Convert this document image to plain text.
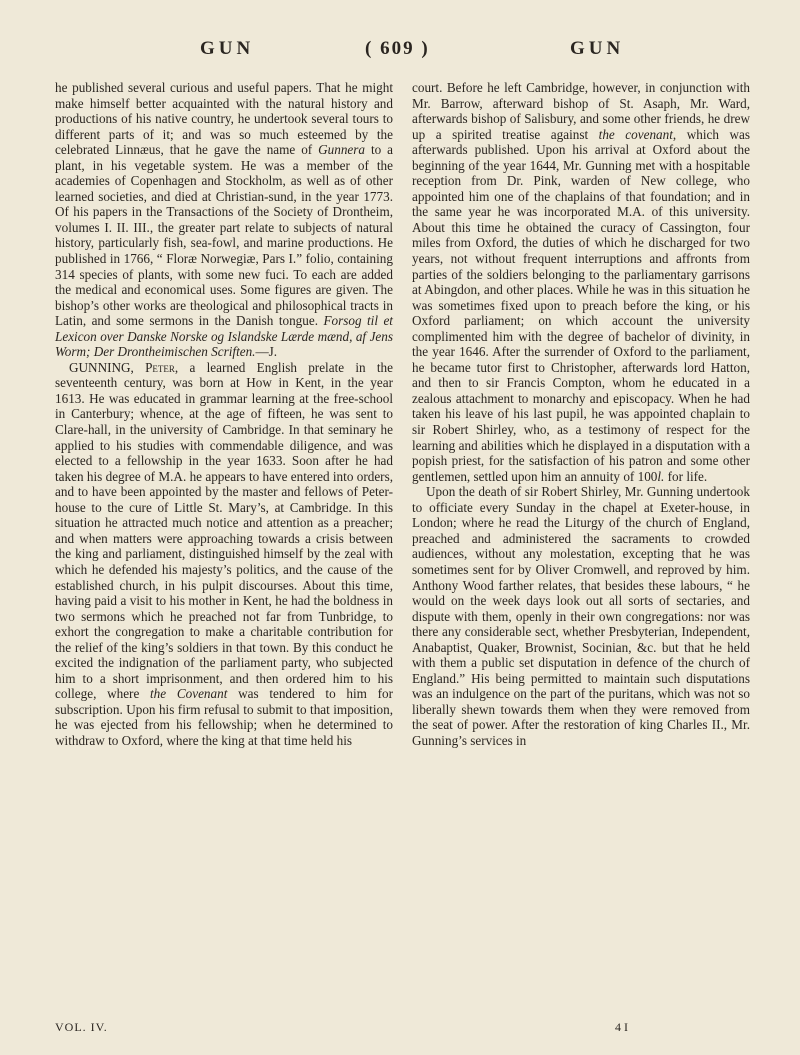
GUN	( 609 )	GUN

he published several curious and useful papers. That he might make himself better acquainted with the natural history and productions of his native country, he undertook several tours to different parts of it; and was so much esteemed by the celebrated Linnæus, that he gave the name of Gunnera to a plant, in his vegetable system. He was a member of the academies of Copenhagen and Stockholm, as well as of other learned societies, and died at Christian-sund, in the year 1773. Of his papers in the Transactions of the Society of Drontheim, volumes I. II. III., the greater part relate to subjects of natural history, particularly fish, sea-fowl, and marine productions. He published in 1766, “ Floræ Norwegiæ, Pars I.” folio, containing 314 species of plants, with some new fuci. To each are added the medical and economical uses. Some figures are given. The bishop’s other works are theological and philosophical tracts in Latin, and some sermons in the Danish tongue. Forsog til et Lexicon over Danske Norske og Islandske Lærde mænd, af Jens Worm; Der Drontheimischen Scriften.—J.

GUNNING, Peter, a learned English prelate in the seventeenth century, was born at How in Kent, in the year 1613. He was educated in grammar learning at the free-school in Canterbury; whence, at the age of fifteen, he was sent to Clare-hall, in the university of Cambridge. In that seminary he applied to his studies with commendable diligence, and was elected to a fellowship in the year 1633. Soon after he had taken his degree of M.A. he appears to have entered into orders, and to have been appointed by the master and fellows of Peter-house to the cure of Little St. Mary’s, at Cambridge. In this situation he attracted much notice and attention as a preacher; and when matters were approaching towards a crisis between the king and parliament, distinguished himself by the zeal with which he defended his majesty’s politics, and the cause of the established church, in his pulpit discourses. About this time, having paid a visit to his mother in Kent, he had the boldness in two sermons which he preached not far from Tunbridge, to exhort the congregation to make a charitable contribution for the relief of the king’s soldiers in that town. By this conduct he excited the indignation of the parliament party, who subjected him to a short imprisonment, and then ordered him to his college, where the Covenant was tendered to him for subscription. Upon his firm refusal to submit to that imposition, he was ejected from his fellowship; when he determined to withdraw to Oxford, where the king at that time held his

court. Before he left Cambridge, however, in conjunction with Mr. Barrow, afterward bishop of St. Asaph, Mr. Ward, afterwards bishop of Salisbury, and some other friends, he drew up a spirited treatise against the covenant, which was afterwards published. Upon his arrival at Oxford about the beginning of the year 1644, Mr. Gunning met with a hospitable reception from Dr. Pink, warden of New college, who appointed him one of the chaplains of that foundation; and in the same year he was incorporated M.A. of this university. About this time he obtained the curacy of Cassington, four miles from Oxford, the duties of which he discharged for two years, not without frequent interruptions and affronts from parties of the soldiers belonging to the parliamentary garrisons at Abingdon, and other places. While he was in this situation he was sometimes fixed upon to preach before the king, or his Oxford parliament; on which account the university complimented him with the degree of bachelor of divinity, in the year 1646. After the surrender of Oxford to the parliament, he became tutor first to Christopher, afterwards lord Hatton, and then to sir Francis Compton, whom he educated in a zealous attachment to monarchy and episcopacy. When he had taken his leave of his last pupil, he was appointed chaplain to sir Robert Shirley, who, as a testimony of respect for the learning and abilities which he displayed in a disputation with a popish priest, for the satisfaction of his patron and some other gentlemen, settled upon him an annuity of 100l. for life.

Upon the death of sir Robert Shirley, Mr. Gunning undertook to officiate every Sunday in the chapel at Exeter-house, in London; where he read the Liturgy of the church of England, preached and administered the sacraments to crowded audiences, without any molestation, excepting that he was sometimes sent for by Oliver Cromwell, and reproved by him. Anthony Wood farther relates, that besides these labours, “ he would on the week days look out all sorts of sectaries, and dispute with them, openly in their own congregations: nor was there any considerable sect, whether Presbyterian, Independent, Anabaptist, Quaker, Brownist, Socinian, &c. but that he held with them a public set disputation in defence of the church of England.” His being permitted to maintain such disputations was an indulgence on the part of the puritans, which was not so liberally shewn towards them when they were removed from the seat of power. After the restoration of king Charles II., Mr. Gunning’s services in

VOL. IV.	4 I
